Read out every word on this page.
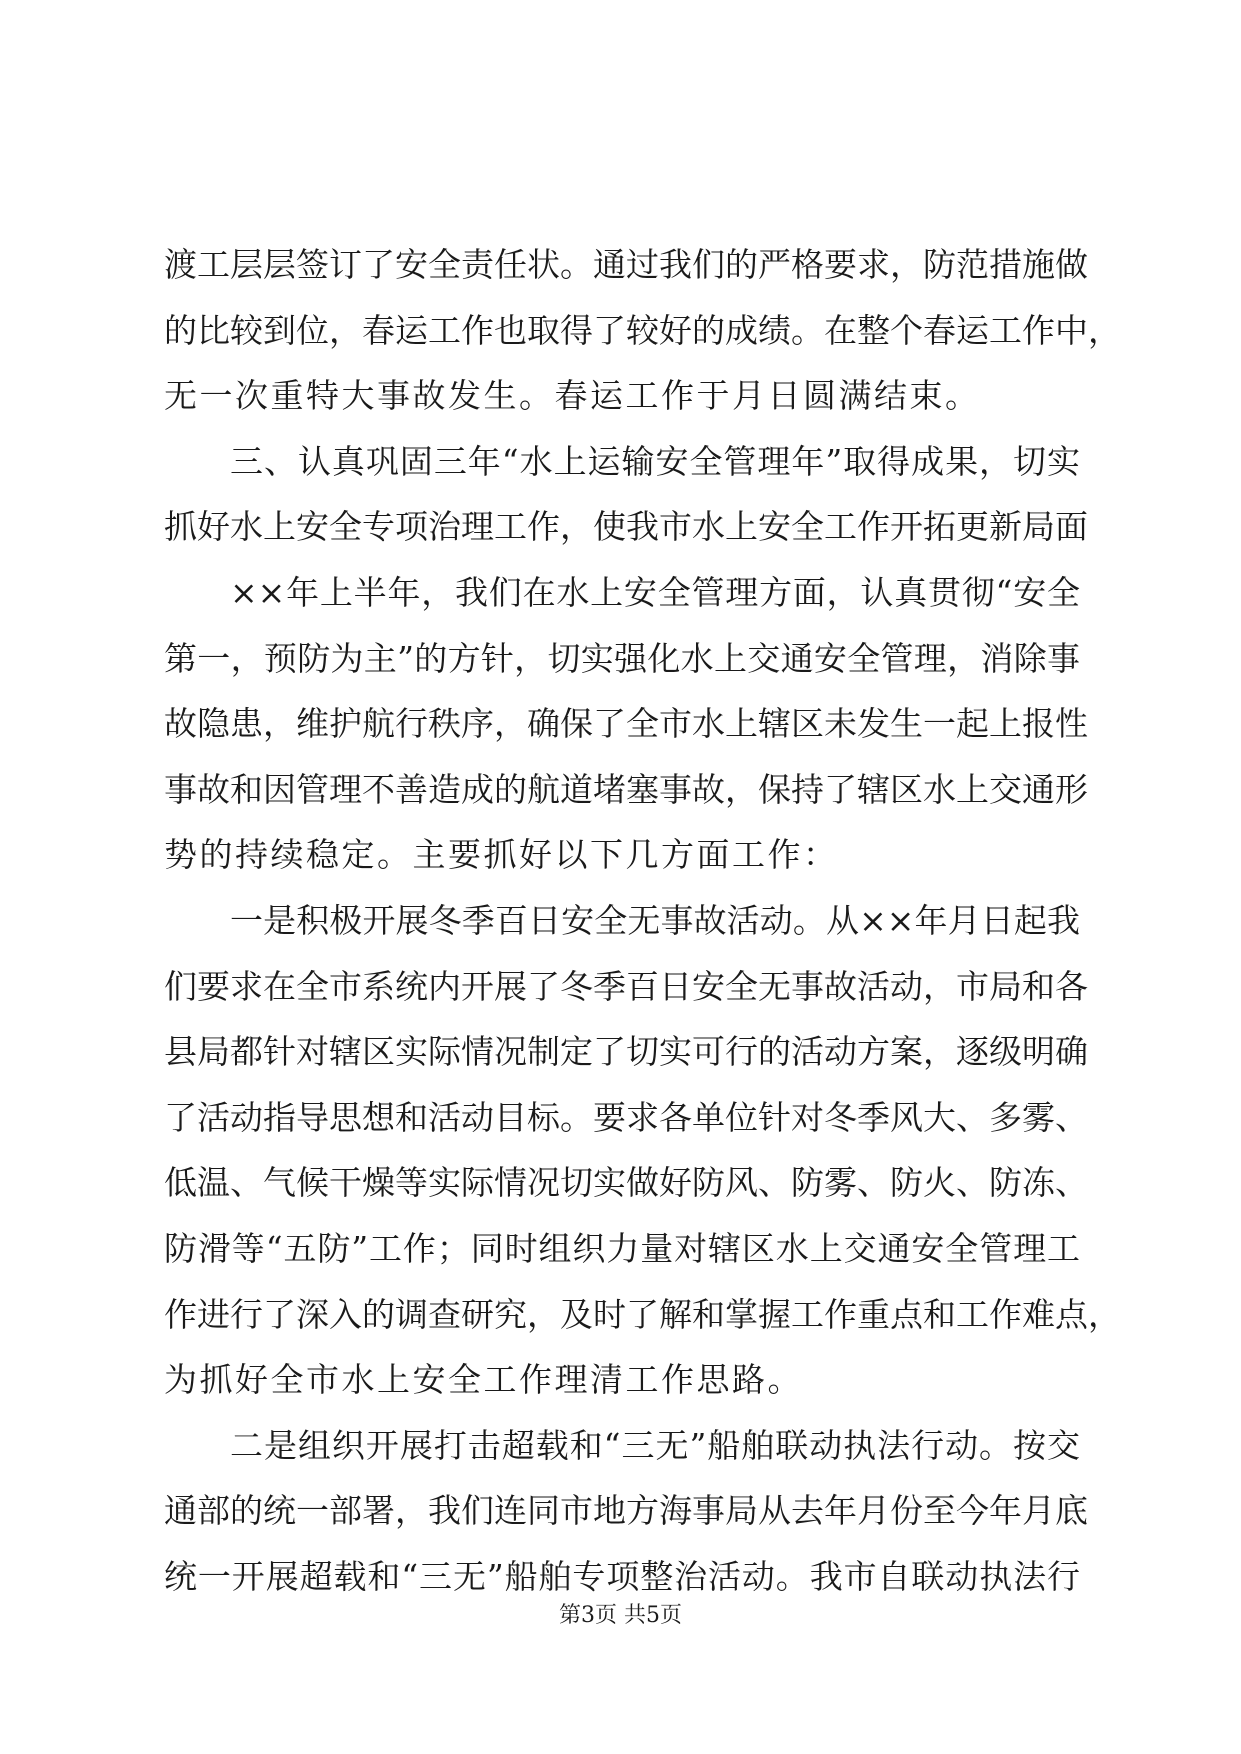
渡工层层签订了安全责任状。通过我们的严格要求，防范措施做
的比较到位，春运工作也取得了较好的成绩。在整个春运工作中，
无一次重特大事故发生。春运工作于月日圆满结束。
三、认真巩固三年“水上运输安全管理年”取得成果，切实
抓好水上安全专项治理工作，使我市水上安全工作开拓更新局面
××年上半年，我们在水上安全管理方面，认真贯彻“安全
第一，预防为主”的方针，切实强化水上交通安全管理，消除事
故隐患，维护航行秩序，确保了全市水上辖区未发生一起上报性
事故和因管理不善造成的航道堵塞事故，保持了辖区水上交通形
势的持续稳定。主要抓好以下几方面工作：
一是积极开展冬季百日安全无事故活动。从××年月日起我
们要求在全市系统内开展了冬季百日安全无事故活动，市局和各
县局都针对辖区实际情况制定了切实可行的活动方案，逐级明确
了活动指导思想和活动目标。要求各单位针对冬季风大、多雾、
低温、气候干燥等实际情况切实做好防风、防雾、防火、防冻、
防滑等“五防”工作；同时组织力量对辖区水上交通安全管理工
作进行了深入的调查研究，及时了解和掌握工作重点和工作难点，
为抓好全市水上安全工作理清工作思路。
二是组织开展打击超载和“三无”船舶联动执法行动。按交
通部的统一部署，我们连同市地方海事局从去年月份至今年月底
统一开展超载和“三无”船舶专项整治活动。我市自联动执法行
第3页 共5页
